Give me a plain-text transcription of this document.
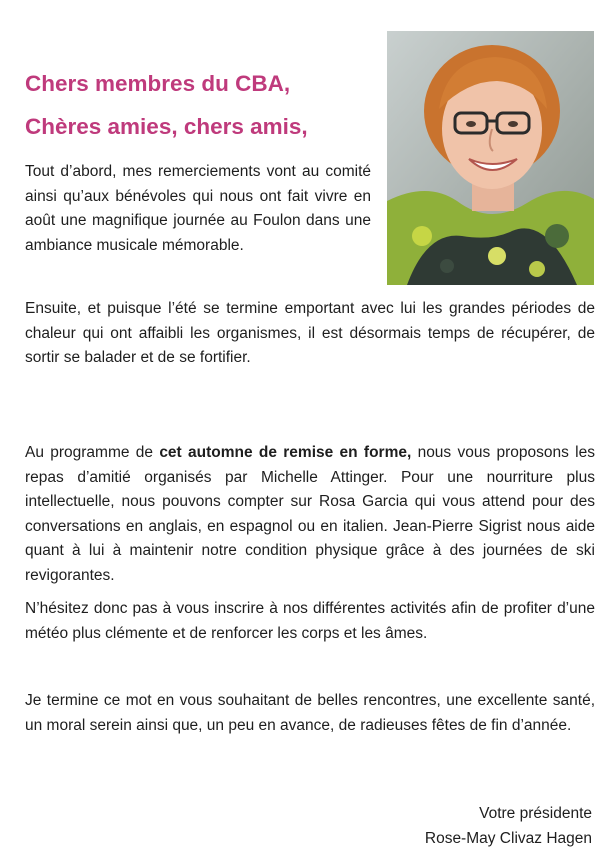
Chers membres du CBA,
Chères amies, chers amis,

Tout d’abord, mes remerciements vont au comité ainsi qu’aux bénévoles qui nous ont fait vivre en août une magnifique journée au Foulon dans une ambiance musicale mémorable.

Ensuite, et puisque l’été se termine emportant avec lui les grandes périodes de chaleur qui ont affaibli les organismes, il est désormais temps de récupérer, de sortir se balader et de se fortifier.

Au programme de cet automne de remise en forme, nous vous proposons les repas d’amitié organisés par Michelle Attinger. Pour une nourriture plus intellectuelle, nous pouvons compter sur Rosa Garcia qui vous attend pour des conversations en anglais, en espagnol ou en italien. Jean-Pierre Sigrist nous aide quant à lui à maintenir notre condition physique grâce à des journées de ski revigorantes.

N’hésitez donc pas à vous inscrire à nos différentes activités afin de profiter d’une météo plus clémente et de renforcer les corps et les âmes.

Je termine ce mot en vous souhaitant de belles rencontres, une excellente santé, un moral serein ainsi que, un peu en avance, de radieuses fêtes de fin d’année.

Votre présidente

Rose-May Clivaz Hagen
